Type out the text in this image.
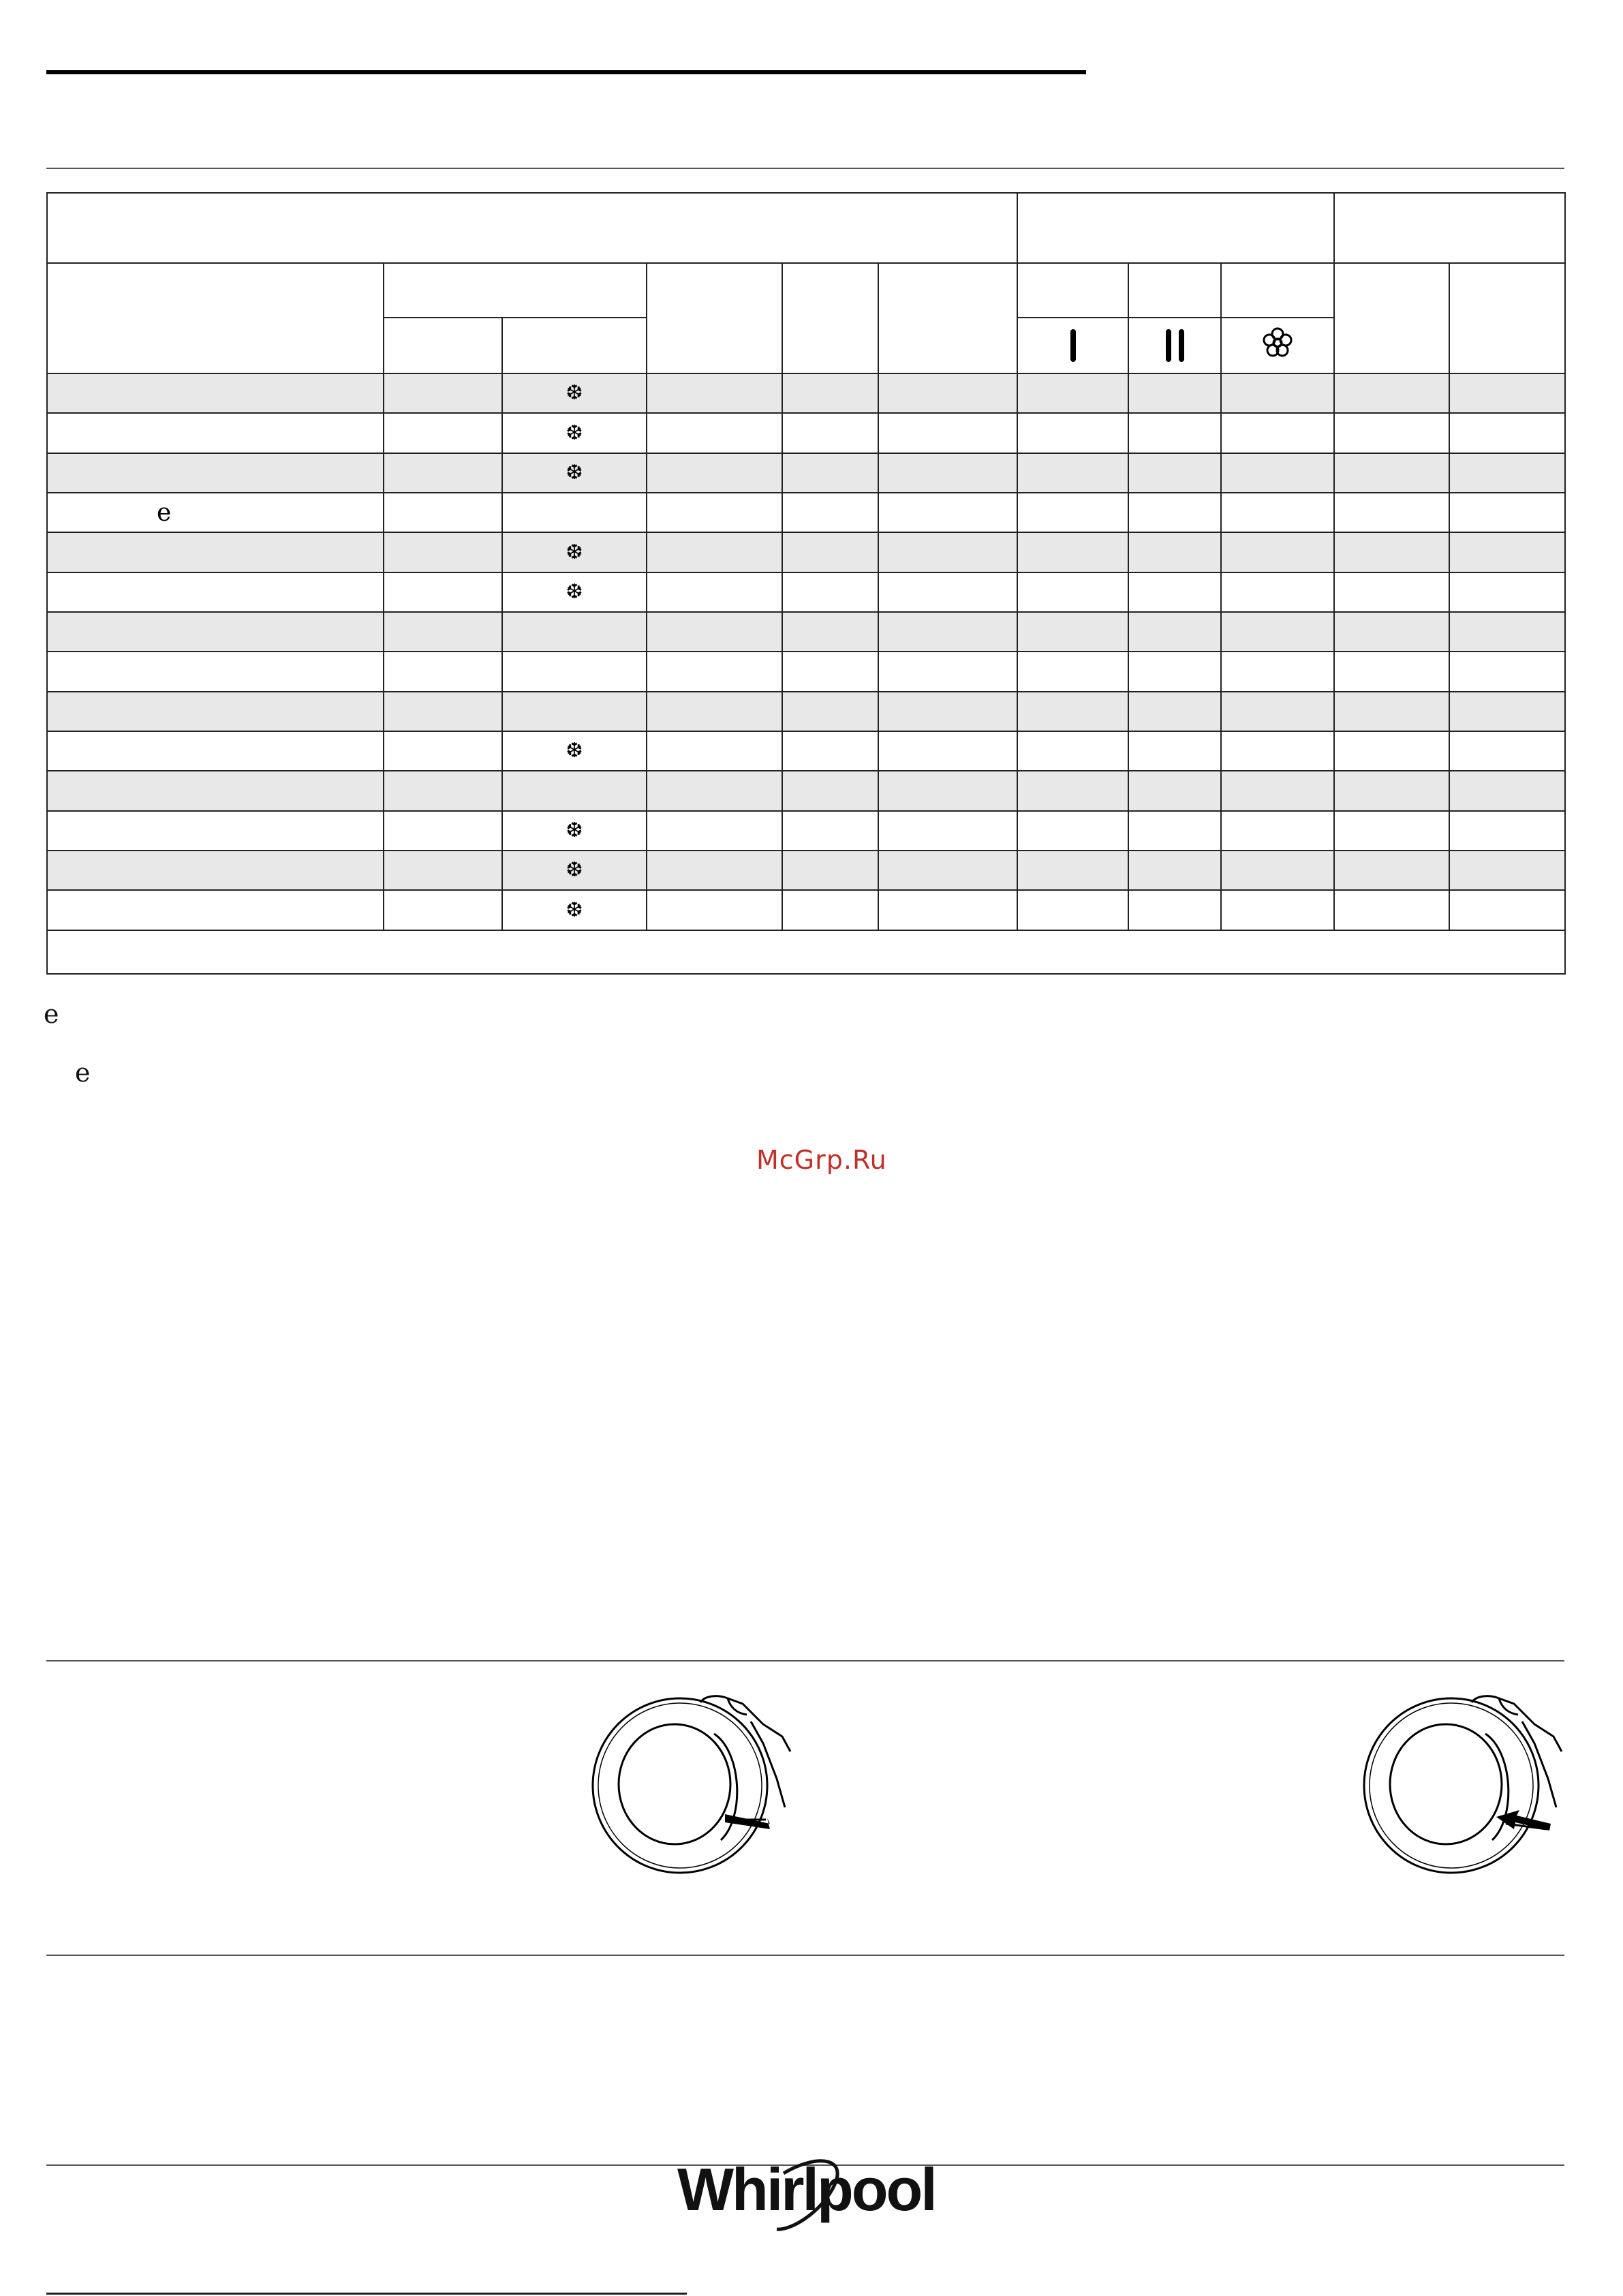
		❆								
		❆								
		❆								
e										
		❆								
		❆								

		❆								

		❆								
		❆								
		❆								

e
e
McGrp.Ru
Whirlpool
